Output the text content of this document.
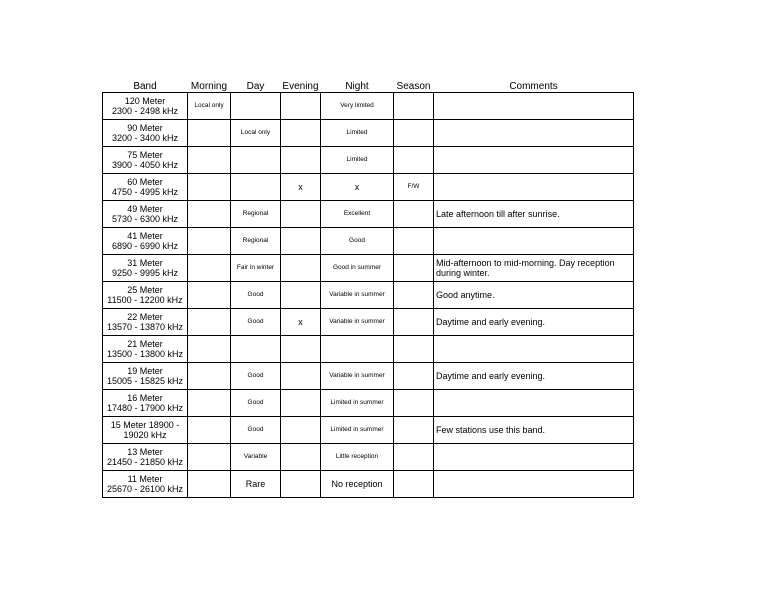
Band	Morning	Day	Evening	Night	Season	Comments

120 Meter
2300 - 2498 kHz	Local only			Very limited		

90 Meter
3200 - 3400 kHz		Local only		Limited		

75 Meter
3900 - 4050 kHz				Limited		

60 Meter
4750 - 4995 kHz			x	x	F/W	

49 Meter
5730 - 6300 kHz		Regional		Excellent		Late afternoon till after sunrise.

41 Meter
6890 - 6990 kHz		Regional		Good		

31 Meter
9250 - 9995 kHz		Fair in winter		Good in summer		Mid-afternoon to mid-morning. Day reception during winter.

25 Meter
11500 - 12200 kHz		Good		Variable in summer		Good anytime.

22 Meter
13570 - 13870 kHz		Good	x	Variable in summer		Daytime and early evening.

21 Meter
13500 - 13800 kHz						

19 Meter
15005 - 15825 kHz		Good		Variable in summer		Daytime and early evening.

16 Meter
17480 - 17900 kHz		Good		Limited in summer		

15 Meter 18900 -
19020 kHz		Good		Limited in summer		Few stations use this band.

13 Meter
21450 - 21850 kHz		Variable		Little reception		

11 Meter
25670 - 26100 kHz		Rare		No reception		
